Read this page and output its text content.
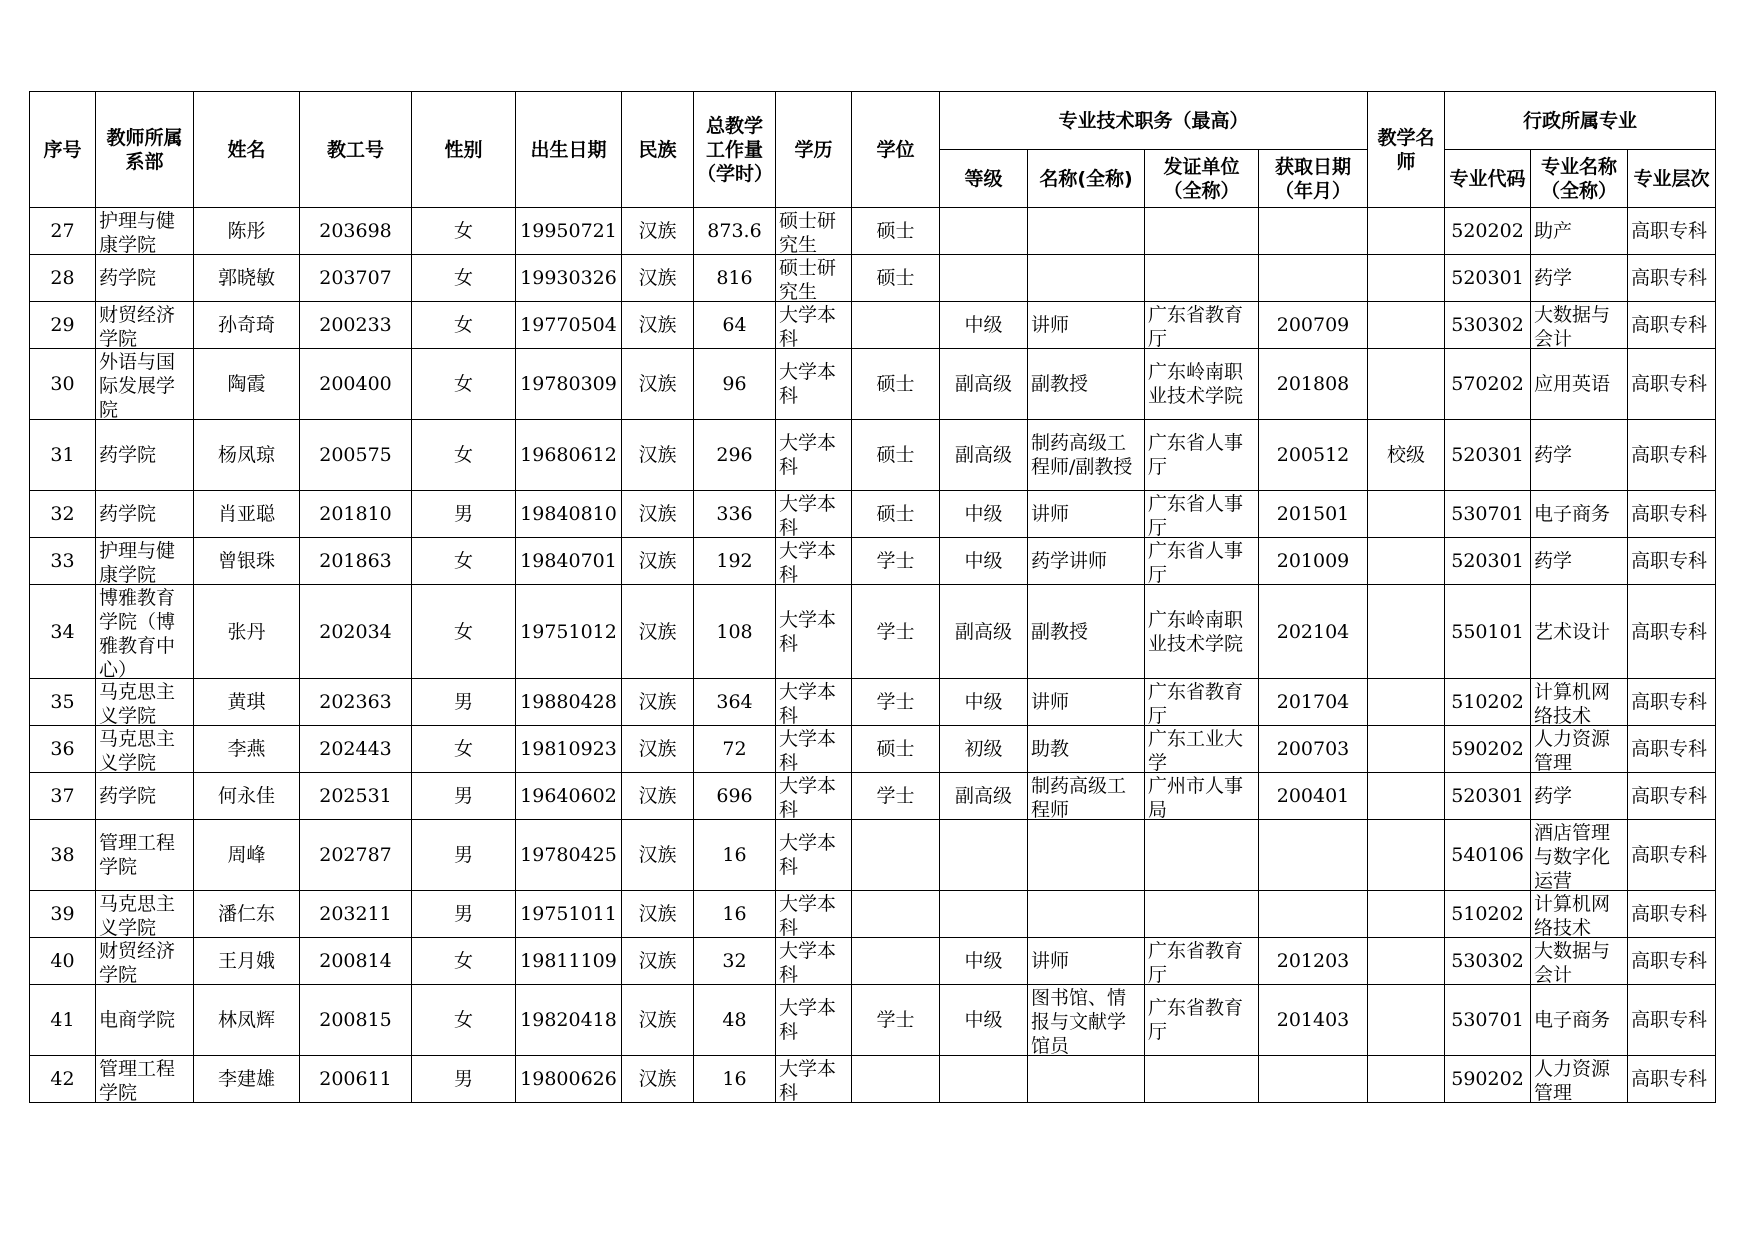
序号	教师所属系部	姓名	教工号	性别	出生日期	民族	总教学工作量（学时）	学历	学位	专业技术职务（最高）				教学名师	行政所属专业		
										等级	名称(全称)	发证单位（全称）	获取日期（年月）		专业代码	专业名称（全称）	专业层次

27	护理与健康学院	陈彤	203698	女	19950721	汉族	873.6	硕士研究生	硕士						520202	助产	高职专科

28	药学院	郭晓敏	203707	女	19930326	汉族	816	硕士研究生	硕士						520301	药学	高职专科

29	财贸经济学院	孙奇琦	200233	女	19770504	汉族	64	大学本科		中级	讲师	广东省教育厅	200709		530302	大数据与会计	高职专科

30	外语与国际发展学院	陶霞	200400	女	19780309	汉族	96	大学本科	硕士	副高级	副教授	广东岭南职业技术学院	201808		570202	应用英语	高职专科

31	药学院	杨凤琼	200575	女	19680612	汉族	296	大学本科	硕士	副高级	制药高级工程师/副教授	广东省人事厅	200512	校级	520301	药学	高职专科

32	药学院	肖亚聪	201810	男	19840810	汉族	336	大学本科	硕士	中级	讲师	广东省人事厅	201501		530701	电子商务	高职专科

33	护理与健康学院	曾银珠	201863	女	19840701	汉族	192	大学本科	学士	中级	药学讲师	广东省人事厅	201009		520301	药学	高职专科

34	博雅教育学院（博雅教育中心）	张丹	202034	女	19751012	汉族	108	大学本科	学士	副高级	副教授	广东岭南职业技术学院	202104		550101	艺术设计	高职专科

35	马克思主义学院	黄琪	202363	男	19880428	汉族	364	大学本科	学士	中级	讲师	广东省教育厅	201704		510202	计算机网络技术	高职专科

36	马克思主义学院	李燕	202443	女	19810923	汉族	72	大学本科	硕士	初级	助教	广东工业大学	200703		590202	人力资源管理	高职专科

37	药学院	何永佳	202531	男	19640602	汉族	696	大学本科	学士	副高级	制药高级工程师	广州市人事局	200401		520301	药学	高职专科

38	管理工程学院	周峰	202787	男	19780425	汉族	16	大学本科							540106	酒店管理与数字化运营	高职专科

39	马克思主义学院	潘仁东	203211	男	19751011	汉族	16	大学本科							510202	计算机网络技术	高职专科

40	财贸经济学院	王月娥	200814	女	19811109	汉族	32	大学本科		中级	讲师	广东省教育厅	201203		530302	大数据与会计	高职专科

41	电商学院	林凤辉	200815	女	19820418	汉族	48	大学本科	学士	中级	图书馆、情报与文献学馆员	广东省教育厅	201403		530701	电子商务	高职专科

42	管理工程学院	李建雄	200611	男	19800626	汉族	16	大学本科							590202	人力资源管理	高职专科
